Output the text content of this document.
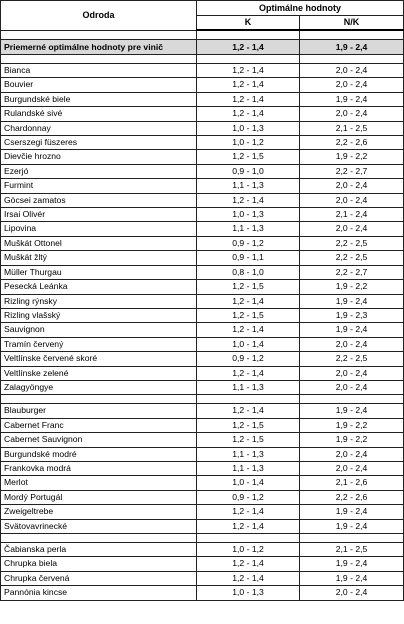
Odroda	Optimálne hodnoty	
	K	N/K

Priemerné optimálne hodnoty pre vinič	1,2 - 1,4	1,9 - 2,4

Bianca	1,2 - 1,4	2,0 - 2,4
Bouvier	1,2 - 1,4	2,0 - 2,4
Burgundské biele	1,2 - 1,4	1,9 - 2,4
Rulandské sivé	1,2 - 1,4	2,0 - 2,4
Chardonnay	1,0 - 1,3	2,1 - 2,5
Cserszegi füszeres	1,0 - 1,2	2,2 - 2,6
Dievčie hrozno	1,2 - 1,5	1,9 - 2,2
Ezerjó	0,9 - 1,0	2,2 - 2,7
Furmint	1,1 - 1,3	2,0 - 2,4
Göcsei zamatos	1,2 - 1,4	2,0 - 2,4
Irsai Olivér	1,0 - 1,3	2,1 - 2,4
Lipovina	1,1 - 1,3	2,0 - 2,4
Muškát Ottonel	0,9 - 1,2	2,2 - 2,5
Muškát žltý	0,9 - 1,1	2,2 - 2,5
Müller Thurgau	0,8 - 1,0	2,2 - 2,7
Pesecká Leánka	1,2 - 1,5	1,9 - 2,2
Rizling rýnsky	1,2 - 1,4	1,9 - 2,4
Rizling vlašský	1,2 - 1,5	1,9 - 2,3
Sauvignon	1,2 - 1,4	1,9 - 2,4
Tramín červený	1,0 - 1,4	2,0 - 2,4
Veltlínske červené skoré	0,9 - 1,2	2,2 - 2,5
Veltlínske zelené	1,2 - 1,4	2,0 - 2,4
Zalagyöngye	1,1 - 1,3	2,0 - 2,4

Blauburger	1,2 - 1,4	1,9 - 2,4
Cabernet Franc	1,2 - 1,5	1,9 - 2,2
Cabernet Sauvignon	1,2 - 1,5	1,9 - 2,2
Burgundské modré	1,1 - 1,3	2,0 - 2,4
Frankovka modrá	1,1 - 1,3	2,0 - 2,4
Merlot	1,0 - 1,4	2,1 - 2,6
Mordý Portugál	0,9 - 1,2	2,2 - 2,6
Zweigeltrebe	1,2 - 1,4	1,9 - 2,4
Svätovavrinecké	1,2 - 1,4	1,9 - 2,4

Čabianska perla	1,0 - 1,2	2,1 - 2,5
Chrupka biela	1,2 - 1,4	1,9 - 2,4
Chrupka červená	1,2 - 1,4	1,9 - 2,4
Pannónia kincse	1,0 - 1,3	2,0 - 2,4
